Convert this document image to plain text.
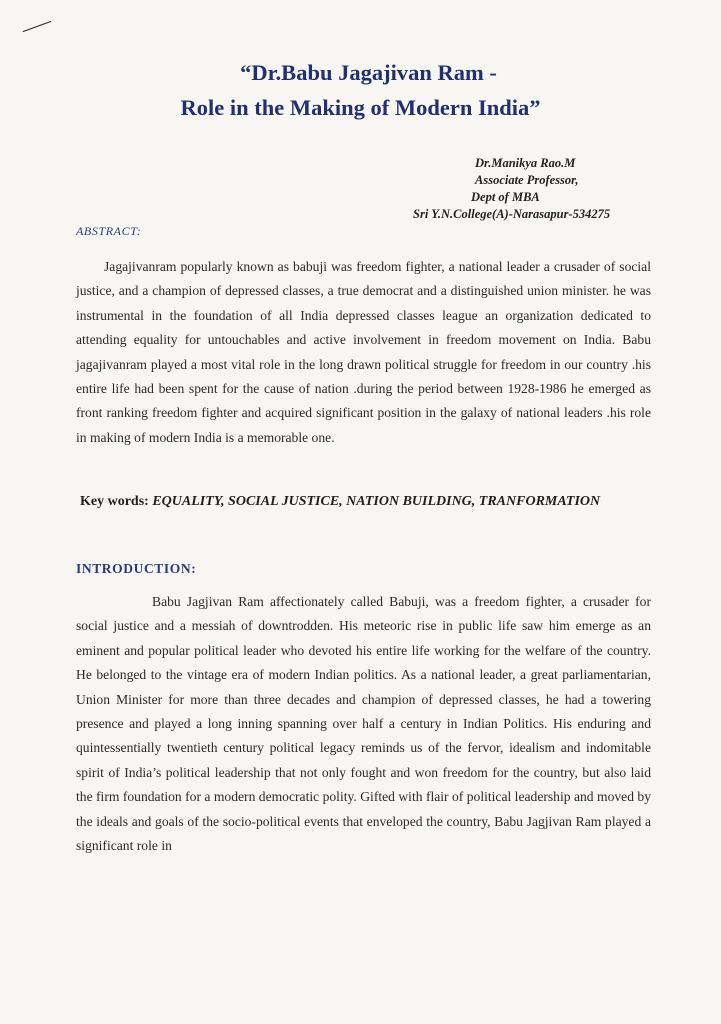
“Dr.Babu Jagajivan Ram -
Role in the Making of Modern India”
Dr.Manikya Rao.M
Associate Professor,
Dept of MBA
Sri Y.N.College(A)-Narasapur-534275
ABSTRACT:
Jagajivanram popularly known as babuji was freedom fighter, a national leader a crusader of social justice, and a champion of depressed classes, a true democrat and a distinguished union minister. he was instrumental in the foundation of all India depressed classes league an organization dedicated to attending equality for untouchables and active involvement in freedom movement on India. Babu jagajivanram played a most vital role in the long drawn political struggle for freedom in our country .his entire life had been spent for the cause of nation .during the period between 1928-1986 he emerged as front ranking freedom fighter and acquired significant position in the galaxy of national leaders .his role in making of modern India is a memorable one.
Key words: EQUALITY, SOCIAL JUSTICE, NATION BUILDING, TRANFORMATION
INTRODUCTION:
Babu Jagjivan Ram affectionately called Babuji, was a freedom fighter, a crusader for social justice and a messiah of downtrodden. His meteoric rise in public life saw him emerge as an eminent and popular political leader who devoted his entire life working for the welfare of the country. He belonged to the vintage era of modern Indian politics. As a national leader, a great parliamentarian, Union Minister for more than three decades and champion of depressed classes, he had a towering presence and played a long inning spanning over half a century in Indian Politics. His enduring and quintessentially twentieth century political legacy reminds us of the fervor, idealism and indomitable spirit of India’s political leadership that not only fought and won freedom for the country, but also laid the firm foundation for a modern democratic polity. Gifted with flair of political leadership and moved by the ideals and goals of the socio-political events that enveloped the country, Babu Jagjivan Ram played a significant role in
